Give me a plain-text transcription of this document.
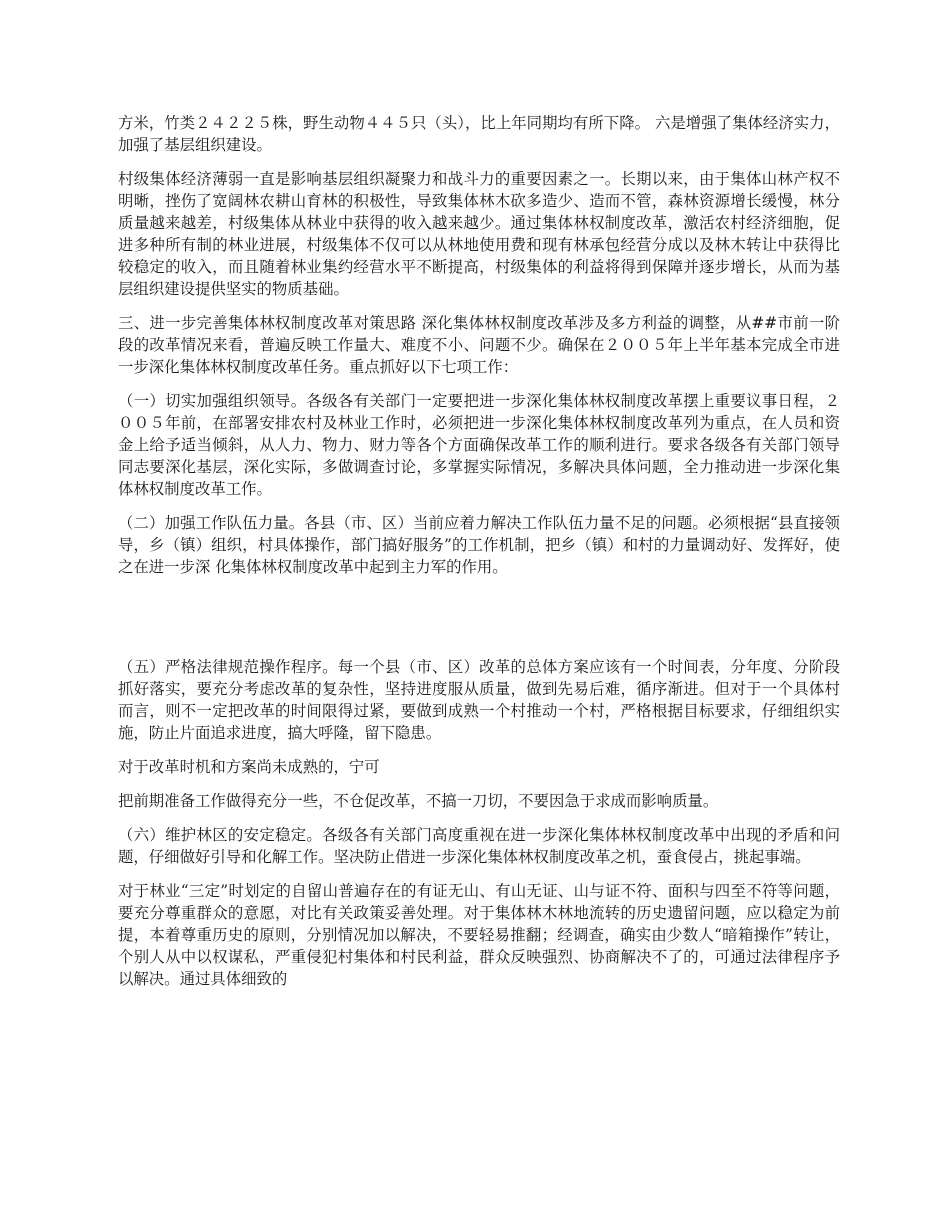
方米，竹类２４２２５株，野生动物４４５只（头），比上年同期均有所下降。 六是增强了集体经济实力，加强了基层组织建设。

村级集体经济薄弱一直是影响基层组织凝聚力和战斗力的重要因素之一。长期以来，由于集体山林产权不明晰，挫伤了宽阔林农耕山育林的积极性，导致集体林木砍多造少、造而不管，森林资源增长缓慢，林分质量越来越差，村级集体从林业中获得的收入越来越少。通过集体林权制度改革，激活农村经济细胞，促进多种所有制的林业进展，村级集体不仅可以从林地使用费和现有林承包经营分成以及林木转让中获得比较稳定的收入，而且随着林业集约经营水平不断提高，村级集体的利益将得到保障并逐步增长，从而为基层组织建设提供坚实的物质基础。

三、进一步完善集体林权制度改革对策思路 深化集体林权制度改革涉及多方利益的调整，从##市前一阶段的改革情况来看，普遍反映工作量大、难度不小、问题不少。确保在２００５年上半年基本完成全市进一步深化集体林权制度改革任务。重点抓好以下七项工作：

（一）切实加强组织领导。各级各有关部门一定要把进一步深化集体林权制度改革摆上重要议事日程，２００５年前，在部署安排农村及林业工作时，必须把进一步深化集体林权制度改革列为重点，在人员和资金上给予适当倾斜，从人力、物力、财力等各个方面确保改革工作的顺利进行。要求各级各有关部门领导同志要深化基层，深化实际，多做调查讨论，多掌握实际情况，多解决具体问题，全力推动进一步深化集体林权制度改革工作。

（二）加强工作队伍力量。各县（市、区）当前应着力解决工作队伍力量不足的问题。必须根据“县直接领导，乡（镇）组织，村具体操作，部门搞好服务”的工作机制，把乡（镇）和村的力量调动好、发挥好，使之在进一步深 化集体林权制度改革中起到主力军的作用。

（五）严格法律规范操作程序。每一个县（市、区）改革的总体方案应该有一个时间表，分年度、分阶段抓好落实，要充分考虑改革的复杂性，坚持进度服从质量，做到先易后难，循序渐进。但对于一个具体村而言，则不一定把改革的时间限得过紧，要做到成熟一个村推动一个村，严格根据目标要求，仔细组织实施，防止片面追求进度，搞大呼隆，留下隐患。

对于改革时机和方案尚未成熟的，宁可

把前期准备工作做得充分一些，不仓促改革，不搞一刀切，不要因急于求成而影响质量。

（六）维护林区的安定稳定。各级各有关部门高度重视在进一步深化集体林权制度改革中出现的矛盾和问题，仔细做好引导和化解工作。坚决防止借进一步深化集体林权制度改革之机，蚕食侵占，挑起事端。

对于林业“三定”时划定的自留山普遍存在的有证无山、有山无证、山与证不符、面积与四至不符等问题，要充分尊重群众的意愿，对比有关政策妥善处理。对于集体林木林地流转的历史遗留问题，应以稳定为前提，本着尊重历史的原则，分别情况加以解决，不要轻易推翻；经调查，确实由少数人“暗箱操作”转让，个别人从中以权谋私，严重侵犯村集体和村民利益，群众反映强烈、协商解决不了的，可通过法律程序予以解决。通过具体细致的
